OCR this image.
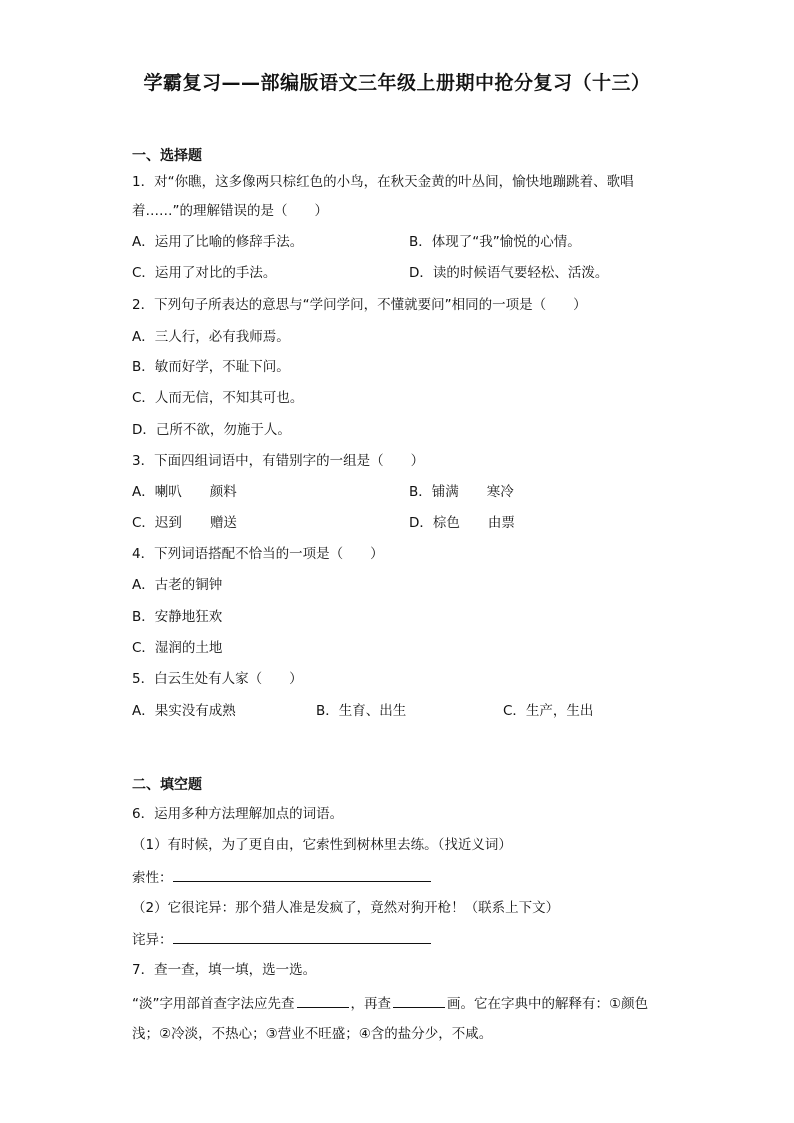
学霸复习——部编版语文三年级上册期中抢分复习（十三）
一、选择题
1．对“你瞧，这多像两只棕红色的小鸟，在秋天金黄的叶丛间，愉快地蹦跳着、歌唱
着……”的理解错误的是（　　）
A．运用了比喻的修辞手法。	B．体现了“我”愉悦的心情。
C．运用了对比的手法。	D．读的时候语气要轻松、活泼。
2．下列句子所表达的意思与“学问学问，不懂就要问”相同的一项是（　　）
A．三人行，必有我师焉。
B．敏而好学，不耻下问。
C．人而无信，不知其可也。
D．己所不欲，勿施于人。
3．下面四组词语中，有错别字的一组是（　　）
A．喇叭 颜料	B．铺满 寒冷
C．迟到 赠送	D．棕色 由票
4．下列词语搭配不恰当的一项是（　　）
A．古老的铜钟
B．安静地狂欢
C．湿润的土地
5．白云生处有人家（　　）
A．果实没有成熟	B．生育、出生	C．生产，生出
二、填空题
6．运用多种方法理解加点的词语。
（1）有时候，为了更自由，它索性到树林里去练。（找近义词）
索性：
（2）它很诧异：那个猎人准是发疯了，竟然对狗开枪！（联系上下文）
诧异：
7．查一查，填一填，选一选。
“淡”字用部首查字法应先查	，再查	画。它在字典中的解释有：①颜色
浅；②冷淡，不热心；③营业不旺盛；④含的盐分少，不咸。
